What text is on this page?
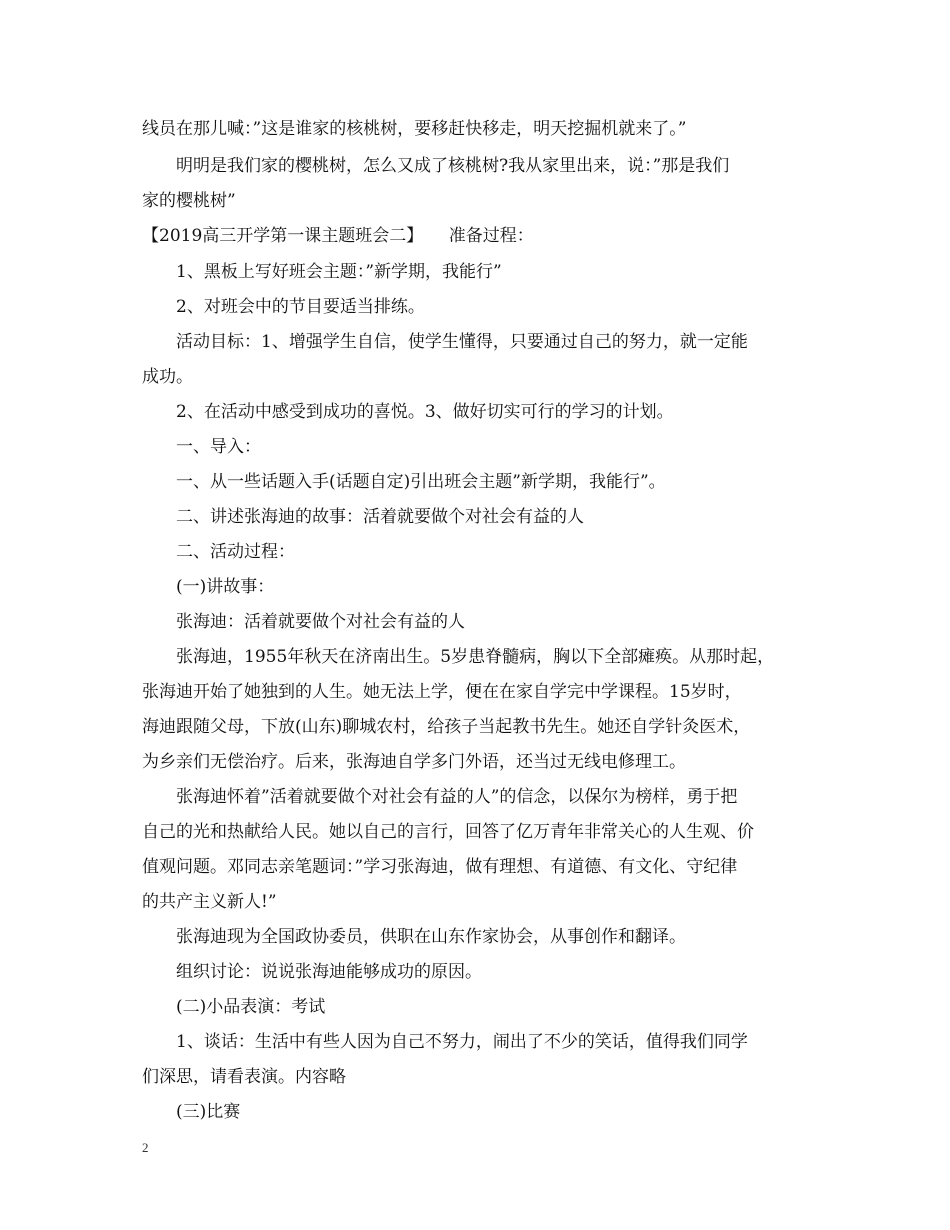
线员在那儿喊：”这是谁家的核桃树，要移赶快移走，明天挖掘机就来了。”
明明是我们家的樱桃树，怎么又成了核桃树?我从家里出来，说：”那是我们
家的樱桃树”
【2019高三开学第一课主题班会二】　　准备过程：
1、黑板上写好班会主题：”新学期，我能行”
2、对班会中的节目要适当排练。
活动目标：1、增强学生自信，使学生懂得，只要通过自己的努力，就一定能
成功。
2、在活动中感受到成功的喜悦。3、做好切实可行的学习的计划。
一、导入：
一、从一些话题入手(话题自定)引出班会主题”新学期，我能行”。
二、讲述张海迪的故事：活着就要做个对社会有益的人
二、活动过程：
(一)讲故事：
张海迪：活着就要做个对社会有益的人
张海迪，1955年秋天在济南出生。5岁患脊髓病，胸以下全部瘫痪。从那时起，
张海迪开始了她独到的人生。她无法上学，便在在家自学完中学课程。15岁时，
海迪跟随父母，下放(山东)聊城农村，给孩子当起教书先生。她还自学针灸医术，
为乡亲们无偿治疗。后来，张海迪自学多门外语，还当过无线电修理工。
张海迪怀着”活着就要做个对社会有益的人”的信念，以保尔为榜样，勇于把
自己的光和热献给人民。她以自己的言行，回答了亿万青年非常关心的人生观、价
值观问题。邓同志亲笔题词：”学习张海迪，做有理想、有道德、有文化、守纪律
的共产主义新人!”
张海迪现为全国政协委员，供职在山东作家协会，从事创作和翻译。
组织讨论：说说张海迪能够成功的原因。
(二)小品表演：考试
1、谈话：生活中有些人因为自己不努力，闹出了不少的笑话，值得我们同学
们深思，请看表演。内容略
(三)比赛
2
